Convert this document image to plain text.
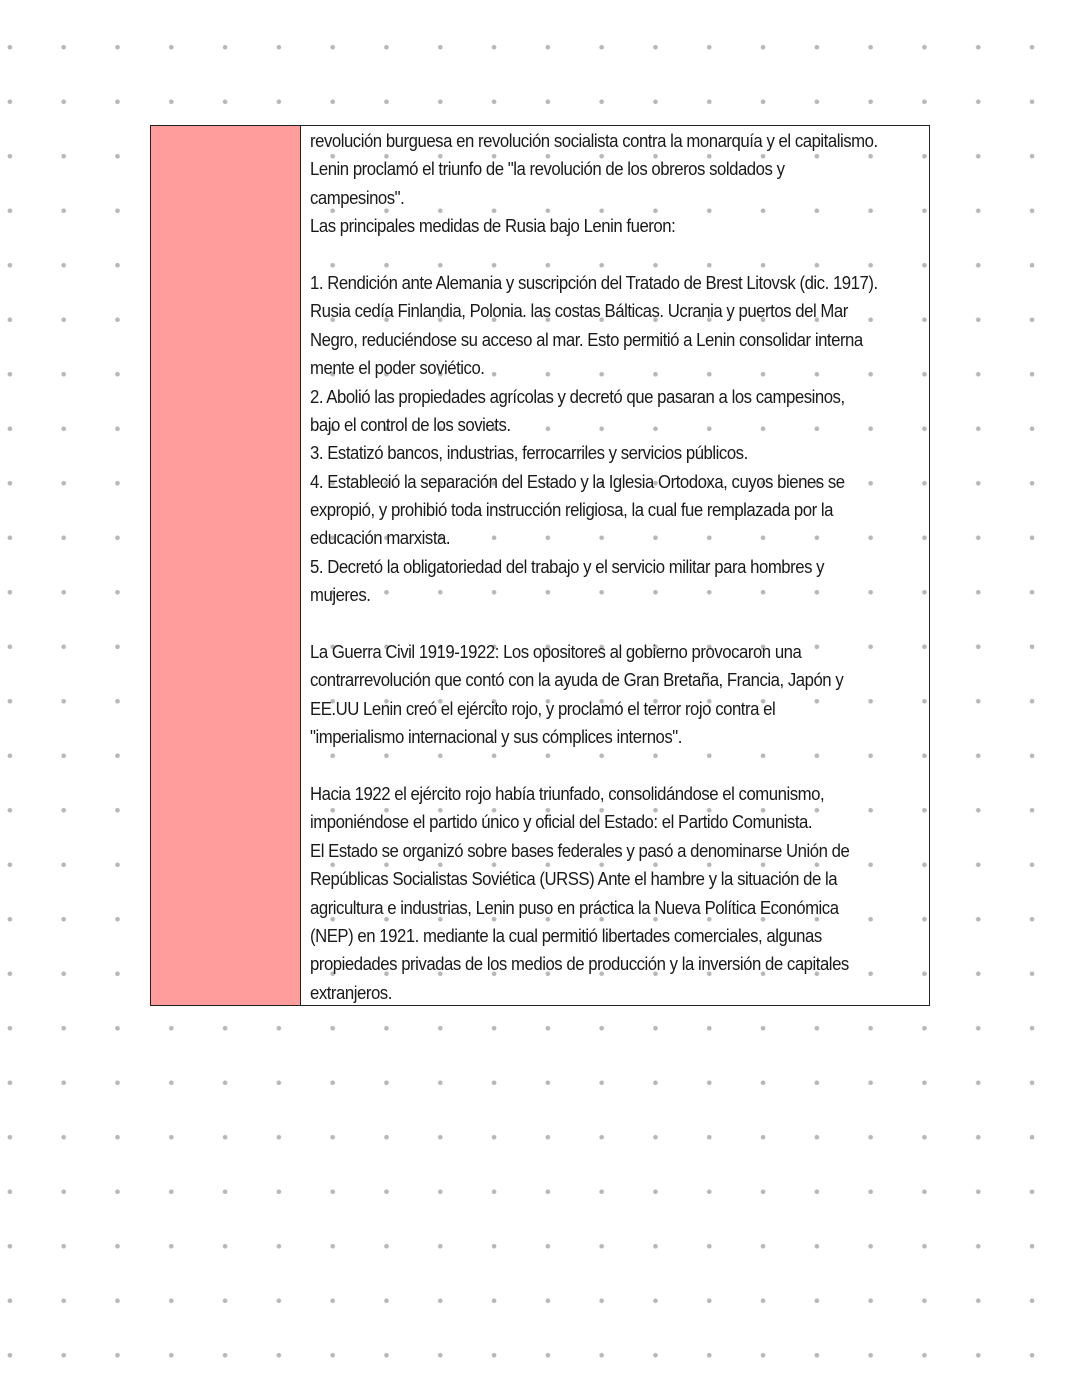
revolución burguesa en revolución socialista contra la monarquía y el capitalismo.
Lenin proclamó el triunfo de "la revolución de los obreros soldados y
campesinos".
Las principales medidas de Rusia bajo Lenin fueron:
1. Rendición ante Alemania y suscripción del Tratado de Brest Litovsk (dic. 1917).
Rusia cedía Finlandia, Polonia. las costas Bálticas. Ucrania y puertos del Mar
Negro, reduciéndose su acceso al mar. Esto permitió a Lenin consolidar interna
mente el poder soviético.
2. Abolió las propiedades agrícolas y decretó que pasaran a los campesinos,
bajo el control de los soviets.
3. Estatizó bancos, industrias, ferrocarriles y servicios públicos.
4. Estableció la separación del Estado y la Iglesia Ortodoxa, cuyos bienes se
expropió, y prohibió toda instrucción religiosa, la cual fue remplazada por la
educación marxista.
5. Decretó la obligatoriedad del trabajo y el servicio militar para hombres y
mujeres.
La Guerra Civil 1919-1922: Los opositores al gobierno provocaron una
contrarrevolución que contó con la ayuda de Gran Bretaña, Francia, Japón y
EE.UU Lenin creó el ejército rojo, y proclamó el terror rojo contra el
"imperialismo internacional y sus cómplices internos".
Hacia 1922 el ejército rojo había triunfado, consolidándose el comunismo,
imponiéndose el partido único y oficial del Estado: el Partido Comunista.
El Estado se organizó sobre bases federales y pasó a denominarse Unión de
Repúblicas Socialistas Soviética (URSS) Ante el hambre y la situación de la
agricultura e industrias, Lenin puso en práctica la Nueva Política Económica
(NEP) en 1921. mediante la cual permitió libertades comerciales, algunas
propiedades privadas de los medios de producción y la inversión de capitales
extranjeros.
